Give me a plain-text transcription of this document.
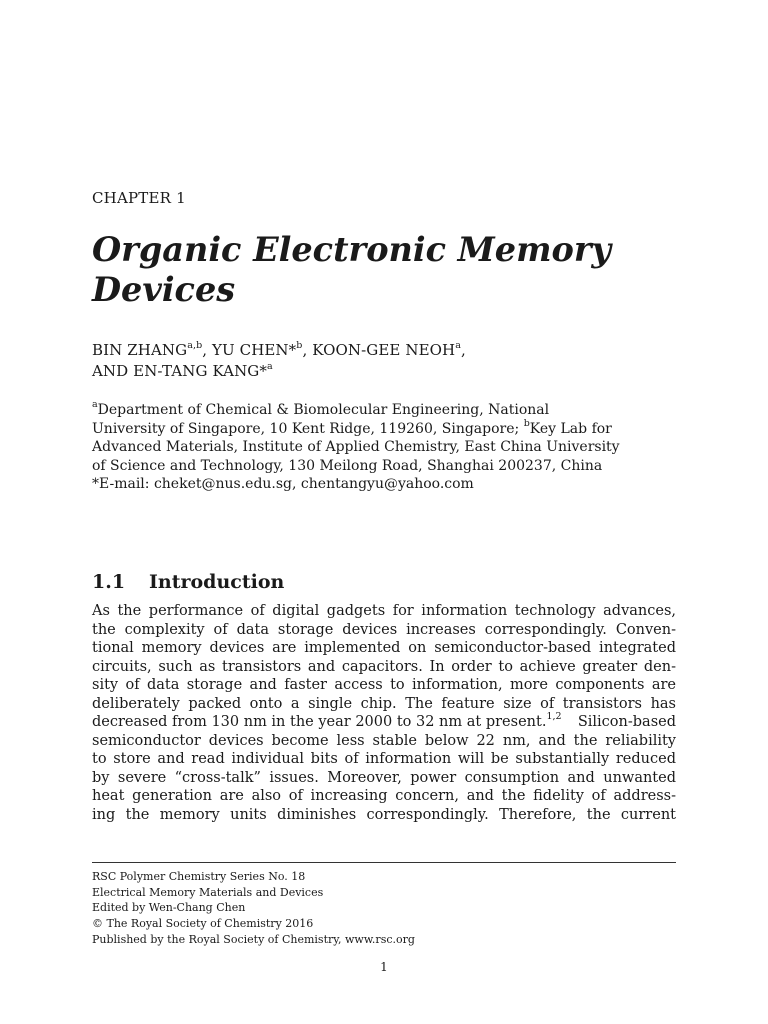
CHAPTER 1
Organic Electronic Memory
Devices
BIN ZHANG$^{a,b}$, YU CHEN*$^b$, KOON-GEE NEOH$^a$,
AND EN-TANG KANG*$^a$
$^a$Department of Chemical & Biomolecular Engineering, National
University of Singapore, 10 Kent Ridge, 119260, Singapore; $^b$Key Lab for
Advanced Materials, Institute of Applied Chemistry, East China University
of Science and Technology, 130 Meilong Road, Shanghai 200237, China
*E-mail: cheket@nus.edu.sg, chentangyu@yahoo.com
1.1 Introduction
As the performance of digital gadgets for information technology advances,
the complexity of data storage devices increases correspondingly. Conven-
tional memory devices are implemented on semiconductor-based integrated
circuits, such as transistors and capacitors. In order to achieve greater den-
sity of data storage and faster access to information, more components are
deliberately packed onto a single chip. The feature size of transistors has
decreased from 130 nm in the year 2000 to 32 nm at present.$^{1,2}$ Silicon-based
semiconductor devices become less stable below 22 nm, and the reliability
to store and read individual bits of information will be substantially reduced
by severe “cross-talk” issues. Moreover, power consumption and unwanted
heat generation are also of increasing concern, and the fidelity of address-
ing the memory units diminishes correspondingly. Therefore, the current
RSC Polymer Chemistry Series No. 18
Electrical Memory Materials and Devices
Edited by Wen-Chang Chen
© The Royal Society of Chemistry 2016
Published by the Royal Society of Chemistry, www.rsc.org
1
